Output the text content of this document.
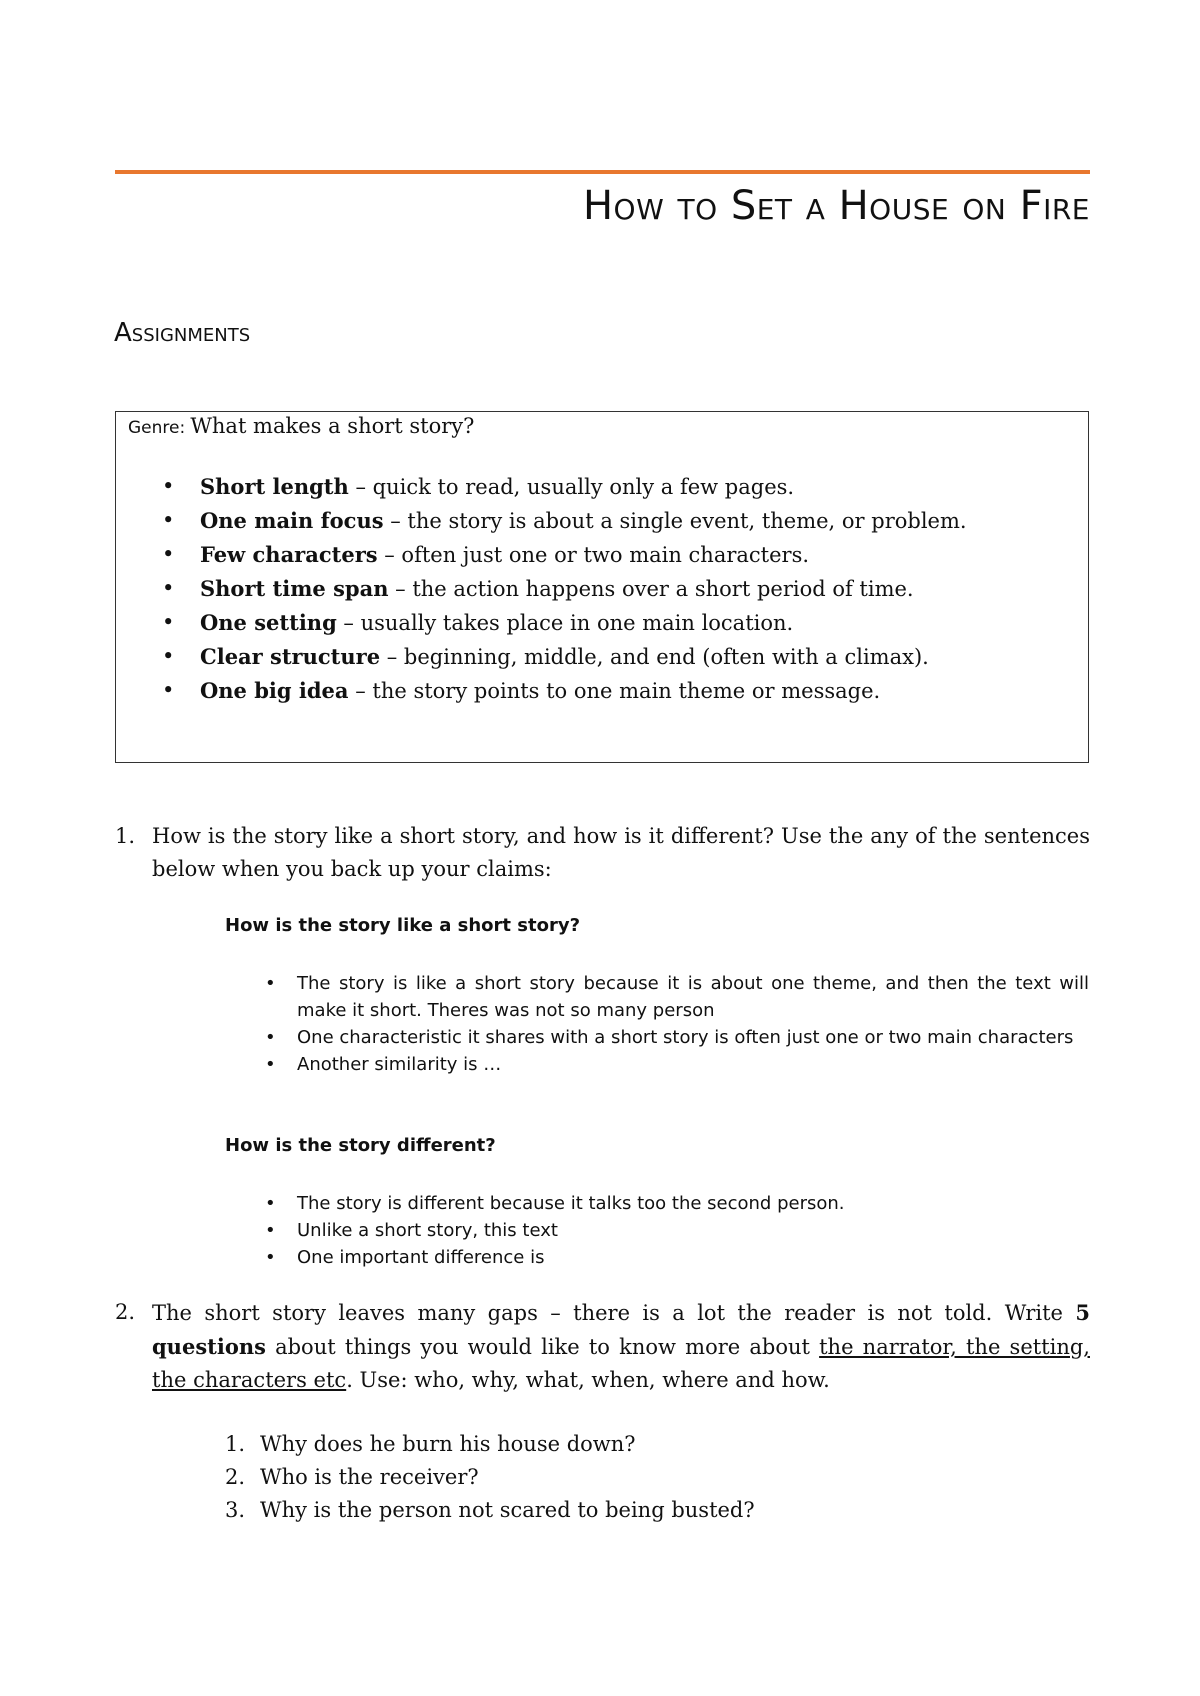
How to Set a House on Fire
Assignments
Genre: What makes a short story?
• Short length – quick to read, usually only a few pages.
• One main focus – the story is about a single event, theme, or problem.
• Few characters – often just one or two main characters.
• Short time span – the action happens over a short period of time.
• One setting – usually takes place in one main location.
• Clear structure – beginning, middle, and end (often with a climax).
• One big idea – the story points to one main theme or message.
1. How is the story like a short story, and how is it different? Use the any of the sentences below when you back up your claims:
How is the story like a short story?
• The story is like a short story because it is about one theme, and then the text will make it short. Theres was not so many person
• One characteristic it shares with a short story is often just one or two main characters
• Another similarity is …
How is the story different?
• The story is different because it talks too the second person.
• Unlike a short story, this text
• One important difference is
2. The short story leaves many gaps – there is a lot the reader is not told. Write 5 questions about things you would like to know more about the narrator, the setting, the characters etc. Use: who, why, what, when, where and how.
1. Why does he burn his house down?
2. Who is the receiver?
3. Why is the person not scared to being busted?
